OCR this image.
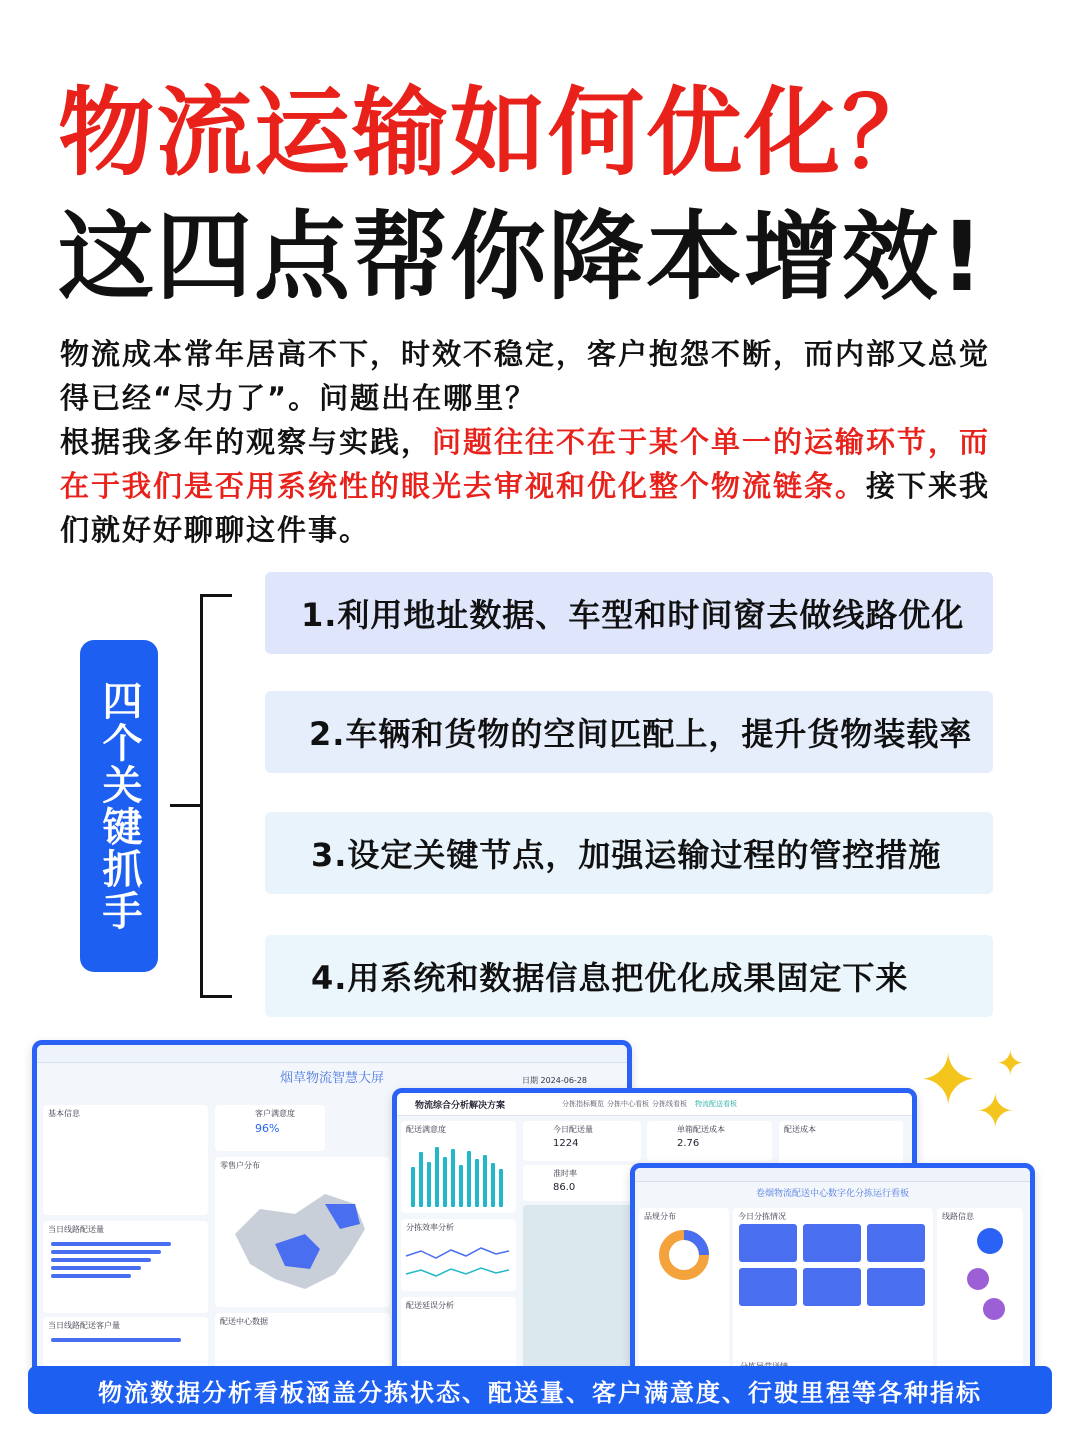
物流运输如何优化？
这四点帮你降本增效!
物流成本常年居高不下，时效不稳定，客户抱怨不断，而内部又总觉得已经“尽力了”。问题出在哪里？
根据我多年的观察与实践，问题往往不在于某个单一的运输环节，而在于我们是否用系统性的眼光去审视和优化整个物流链条。接下来我们就好好聊聊这件事。
四个关键抓手
1.利用地址数据、车型和时间窗去做线路优化
2.车辆和货物的空间匹配上，提升货物装载率
3.设定关键节点，加强运输过程的管控措施
4.用系统和数据信息把优化成果固定下来
烟草物流智慧大屏	日期 2024-06-28
基本信息
当日线路配送量
当日线路配送客户量
客户满意度
96%
零售户分布
配送中心数据
物流综合分析解决方案	分拣指标概览 分拣中心看板 分拣线看板 物流配送看板
配送满意度
分拣效率分析
配送延误分析
今日配送量
1224
单箱配送成本
2.76
准时率
86.0
配送成本
卷烟物流配送中心数字化分拣运行看板
品规分布	今日分拣情况	线路信息
✦ ✦
✦
物流数据分析看板涵盖分拣状态、配送量、客户满意度、行驶里程等各种指标
